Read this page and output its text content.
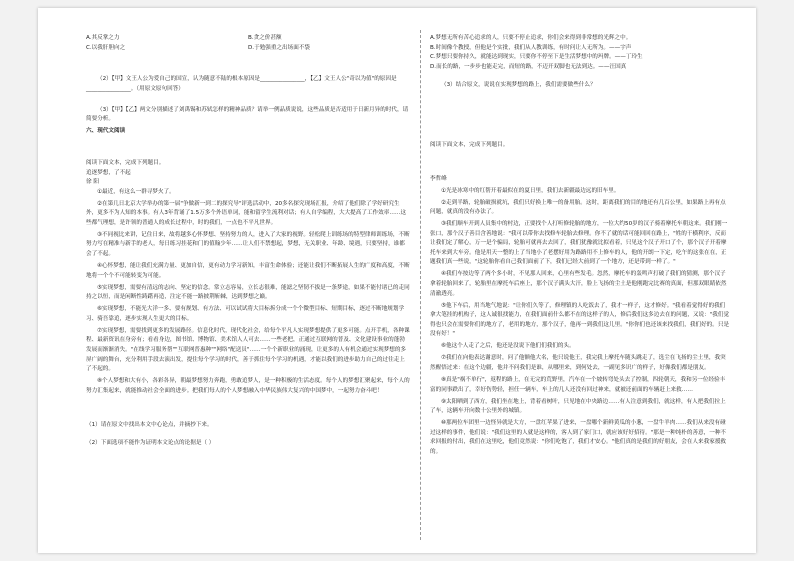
A.其反掌之力	B.贪之价甚额
C.以我肝胆向之	D.于勉强重之出场面不袋

（2）【甲】文王人公为爱自己的国宣，认为随意不陆的根本原因是________________，【乙】文王人公"奇以为值"的原因是________________。（用原文原句回答）

（3）【甲】【乙】两文分别描述了刘禹锡和苏轼怎样的精神品质？请举一例品质说说，这些品质是否适用于日新月异的时代，请简要分析。

六、现代文阅读

阅读下面文本，完成下列题目。

追逐梦想，了不起

徐 阳

①最近，有这么一群寻梦火了。

②在第几日北京大学举办的第一届"争做新一到二的探究导"评选活动中，20多名探究现场汇报，介绍了他们除了学好研究生外，更多不为人知的本事。有人3年背诵了1.5万多个外语单词，能和留学生流利对话；有人自学编程，大大提高了工作效率……这些都气理想，是许领的普通人的成长过程中，时的我们，一点也不平凡世界。

③不同视比来讲，记住日来，故将越多心怀梦想、坚持努力的人，进入了大家的视野。轻松爬上训练场的特型律师训练场，不断努力写在精准与新手的老人，每日练习挂花和门的值翰少年……让人们不禁想起，梦想，无关职业、年龄、境遇，只要坚持，谁都会了不起。

④心怀梦想，能让我们充满力量、更加自信，更有动力学习新知，丰富生命体验；还能让我们不断拓展人生的广度和高度，不断地将一个个不可能转变为可能。

⑤实现梦想，需要有清远的志向、坚定的信念。常立志容易，立长志很难，能滤之坚韧不拔是一条梦途，如果不能付诸已的走同持之以恒，而是闲断性踌躇再造，注定不能一路披荆斩棘，达到梦想之巅。

⑥实现梦想，不能光大洋一多、要有规划、有方法、可以试试将大目标拆分成一个个微型目标、短期目标，逐过不断地规划学习、骑吾靠追，逐步实现人生更大的目标。

⑦实现梦想，需要找到更多的发展路径。信息化时代，现代化社会，给每个平凡人实现梦想提供了更多可能。点开手机，各种课程、最新资讯在身旁有；看看身边，图书馆、博物馆、美术馆人人可去……一些老把，正通过互联网的普及、文化建设事业的蓬勃发展而渐渐消失。"在线学习服务帮""互联网普惠种""网络"配送员"……一个个新职业的涌现，让更多的人有机会通过实现梦想的多屏广阔的舞台，充分利用手段去演出发，提住每个学习的时代，善于抓住每个学习的机遇，才能以我们的进步助力自己的过往走上了不起的。

⑧个人梦想和大有小，各彩各异，朝最梦想努力奔跑，勇敢追梦人，是一种积极的生活态度。每个人的梦想汇聚起来，每个人的努力汇集起来，就能推动社会全面的进步。把我们每人的个人梦想融入中华民族伟大复兴的中国梦中，一起努力奋斗吧！

（1）请在原文中找出本文中心论点，并摘抄下来。

（2）下面选项不能作为证明本文论点的论据是（ ）

A.梦想无所有苦心追求的人，只要不停止追求，你们会来得到非常想的光辉之中。

B.时间像个教授，但他是个实批，我们从人教训练，有时问让人无所为。——宇声

C.梦想只要你持久，就能达到现实，只要你不停至下是生活梦想中的玛牌。——丁玲生

D.而长的路，一步步也能走完，而短的路，不迈开双脚也无法到达。——汪国真

（3）结合原文，说说在实现梦想的路上，我们需要做些什么？

阅读下面文本，完成下列题目。

李哲峰

①光是冰寒中的红帮开着最似在的夏日里，我们去新疆最边远的旧车里。

②走到半路，轮胎破损就坑，我们只好换上唯一的备用胎。这时，距离我们的目的地还有几百公里，如果路上再有点问题，就真的没有办法了。

③我们顺车开到人员集中的村边，正要找个人打听修轮胎的地方，一位大约50岁的汉子骑着摩托车朝这来。我们刚一张口，那个汉子善目含善地说："我可以带你去找修车轮胎去修理。你不了就的话可能回回在路上，"姓的干横利序，反而让我们定了解心，万一是个骗局，轮胎可就再去去回了，我们犹豫就比拟看着，只见这个汉子开口了个，那个汉子开着摩托车来到大车旁。他是用天一整的上了当地小了老摆好用为路路用不上修车的人，他的开朗一下定，吃午的这张在在，正题我们真一些说，"这轮胎你看自己我们面前了下，我们已经大前到了一个地方，还是带到一样了。"

④我们车按边等了两个多小时，不见那人回来，心里有些发毛。忽然，摩托车的轰鸣声打破了我们的猜测，那个汉子拿着轮胎回来了，轮胎里在摩托车后座上，那个汉子满头大汗，脸上飞扬的尘土是他刚跑完比赛的真面，但那双眼睛依然清澈透亮。

⑤他下车后，用当地气地说："让你们久等了，修理镇的人吃饭去了，我才一样子，这才修好。"我看着觉得好的我们拿大笔挂的机构子，这人诚很找能力，在我们面前什么都不在的这样子的人，修后我们这多边去在的问题，又说："我们觉得也只会在需要你们的地方了，老用的地方，那个汉子，他再一到我们这儿里。"你你们也还该来找我们，我们好的。只是没有好！"

⑥他这个人走了之后，他还是没说下他们们我们的头。

⑦我们在向他表达谢意时，问了他额他大名，他只说他王，我完我上摩托车随头跳走了，选尘在飞扬的尘土里，我突然醒悟过来：在这个边疆，他并不问我们是谁，从哪里来，到何处去，一副见多识广的样子，好像我们都是朋友。

⑧真是"祸不单行"，返程的路上，在无完的荒野里，汽车在一个坡转弯处头去了控制，四轮朝天，我和另一位经验丰富的同事跌出了，幸好伤势轻，担任一辆车，车上的几人还没有回过神来，就被还前面的车辆赶上来救……

⑨太阳晒到了西方，我们坐在地上，背着看树叶，只见地在中央路边……有人注意到我们，就这样，有人把我们拉上了车，这辆车开向数十公里外的城镇。

⑩那两位车团里一边怪异就是大方，一盘红苹果了进来，一盘哪个新鲜黄瓜的小葱，一盘牛羊肉……我们从来没有碰过这样的事件，他们说："我们这里的人就是这样的，客人到了家门口，就应该好好招待。"那是一种纯朴的善意，一种不求回报的付出，我们在这里吃，他们竟然说："你们吃饱了，我们才安心。"他们真的是我们的好朋友，会在人来我家援救的。
